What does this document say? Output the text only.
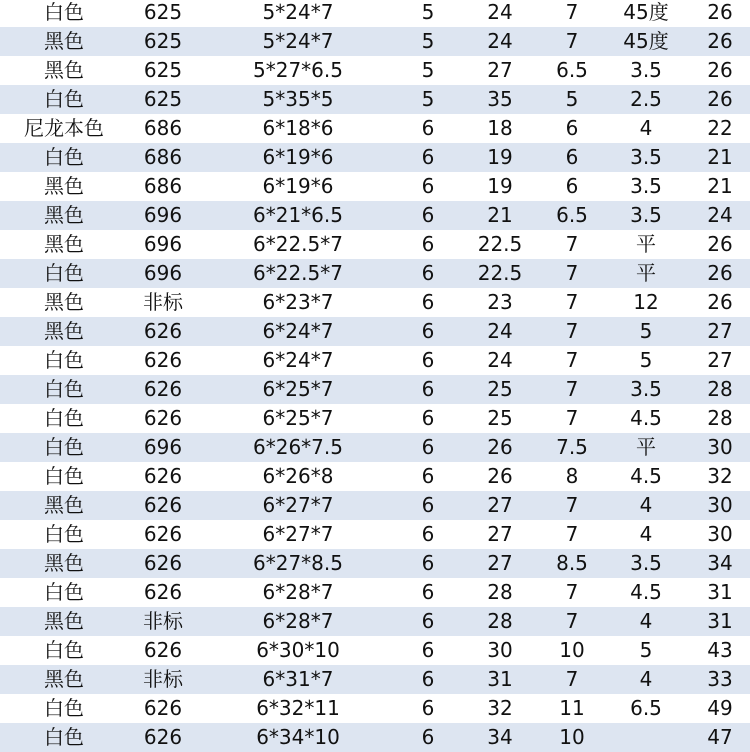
白色	625	5*24*7	5	24	7	45度	26
黑色	625	5*24*7	5	24	7	45度	26
黑色	625	5*27*6.5	5	27	6.5	3.5	26
白色	625	5*35*5	5	35	5	2.5	26
尼龙本色	686	6*18*6	6	18	6	4	22
白色	686	6*19*6	6	19	6	3.5	21
黑色	686	6*19*6	6	19	6	3.5	21
黑色	696	6*21*6.5	6	21	6.5	3.5	24
黑色	696	6*22.5*7	6	22.5	7	平	26
白色	696	6*22.5*7	6	22.5	7	平	26
黑色	非标	6*23*7	6	23	7	12	26
黑色	626	6*24*7	6	24	7	5	27
白色	626	6*24*7	6	24	7	5	27
白色	626	6*25*7	6	25	7	3.5	28
白色	626	6*25*7	6	25	7	4.5	28
白色	696	6*26*7.5	6	26	7.5	平	30
白色	626	6*26*8	6	26	8	4.5	32
黑色	626	6*27*7	6	27	7	4	30
白色	626	6*27*7	6	27	7	4	30
黑色	626	6*27*8.5	6	27	8.5	3.5	34
白色	626	6*28*7	6	28	7	4.5	31
黑色	非标	6*28*7	6	28	7	4	31
白色	626	6*30*10	6	30	10	5	43
黑色	非标	6*31*7	6	31	7	4	33
白色	626	6*32*11	6	32	11	6.5	49
白色	626	6*34*10	6	34	10		47
